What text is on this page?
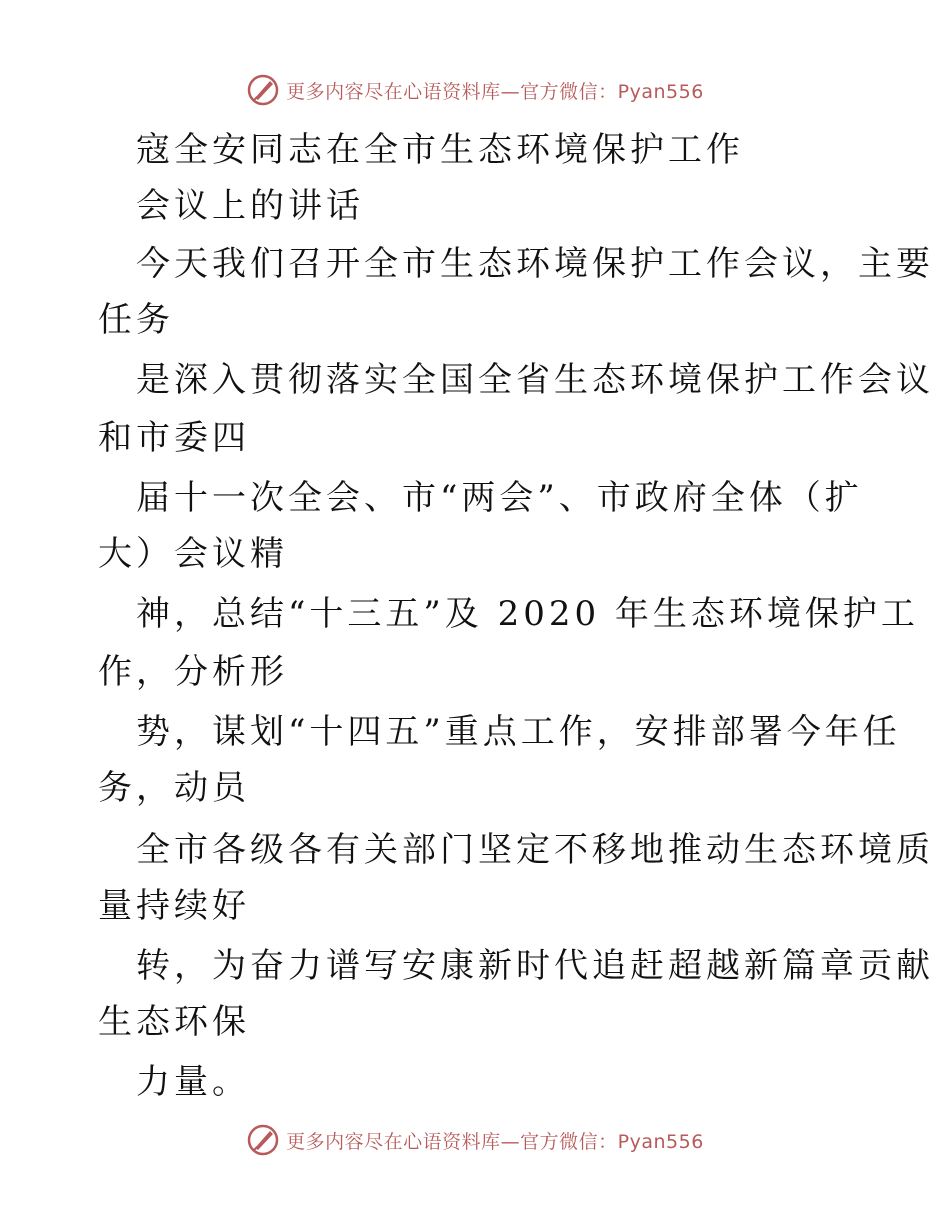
更多内容尽在心语资料库—官方微信：Pyan556
寇全安同志在全市生态环境保护工作
会议上的讲话
今天我们召开全市生态环境保护工作会议，主要
任务
是深入贯彻落实全国全省生态环境保护工作会议
和市委四
届十一次全会、市“两会”、市政府全体（扩
大）会议精
神，总结“十三五”及 2020 年生态环境保护工
作，分析形
势，谋划“十四五”重点工作，安排部署今年任
务，动员
全市各级各有关部门坚定不移地推动生态环境质
量持续好
转，为奋力谱写安康新时代追赶超越新篇章贡献
生态环保
力量。
更多内容尽在心语资料库—官方微信：Pyan556
